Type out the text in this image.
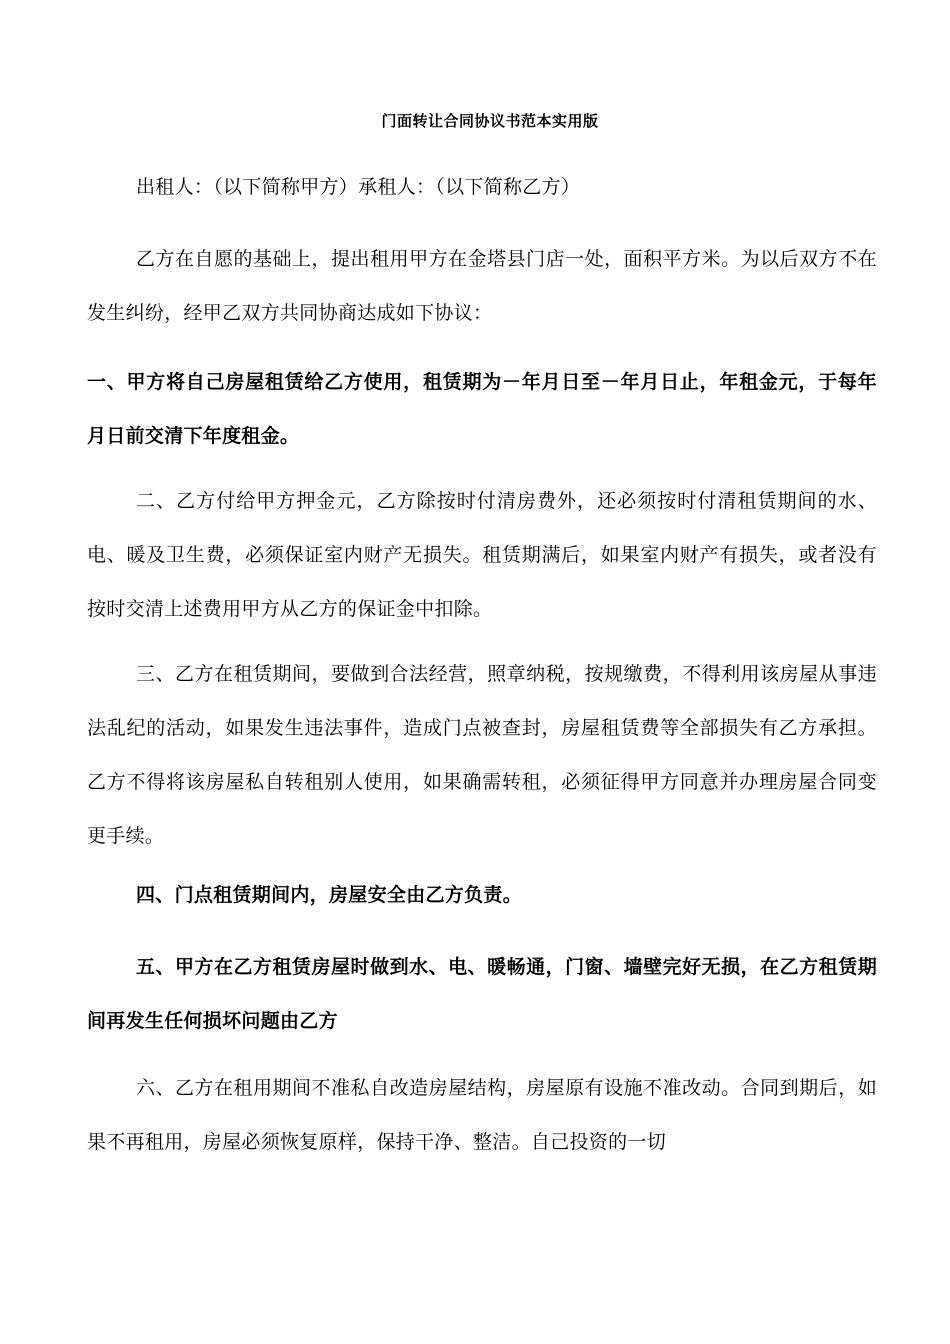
门面转让合同协议书范本实用版

出租人：（以下简称甲方）承租人：（以下简称乙方）

乙方在自愿的基础上，提出租用甲方在金塔县门店一处，面积平方米。为以后双方不在发生纠纷，经甲乙双方共同协商达成如下协议：

一、甲方将自己房屋租赁给乙方使用，租赁期为－年月日至－年月日止，年租金元，于每年月日前交清下年度租金。

二、乙方付给甲方押金元，乙方除按时付清房费外，还必须按时付清租赁期间的水、电、暖及卫生费，必须保证室内财产无损失。租赁期满后，如果室内财产有损失，或者没有按时交清上述费用甲方从乙方的保证金中扣除。

三、乙方在租赁期间，要做到合法经营，照章纳税，按规缴费，不得利用该房屋从事违法乱纪的活动，如果发生违法事件，造成门点被查封，房屋租赁费等全部损失有乙方承担。乙方不得将该房屋私自转租别人使用，如果确需转租，必须征得甲方同意并办理房屋合同变更手续。

四、门点租赁期间内，房屋安全由乙方负责。

五、甲方在乙方租赁房屋时做到水、电、暖畅通，门窗、墙壁完好无损，在乙方租赁期间再发生任何损坏问题由乙方

六、乙方在租用期间不准私自改造房屋结构，房屋原有设施不准改动。合同到期后，如果不再租用，房屋必须恢复原样，保持干净、整洁。自己投资的一切
